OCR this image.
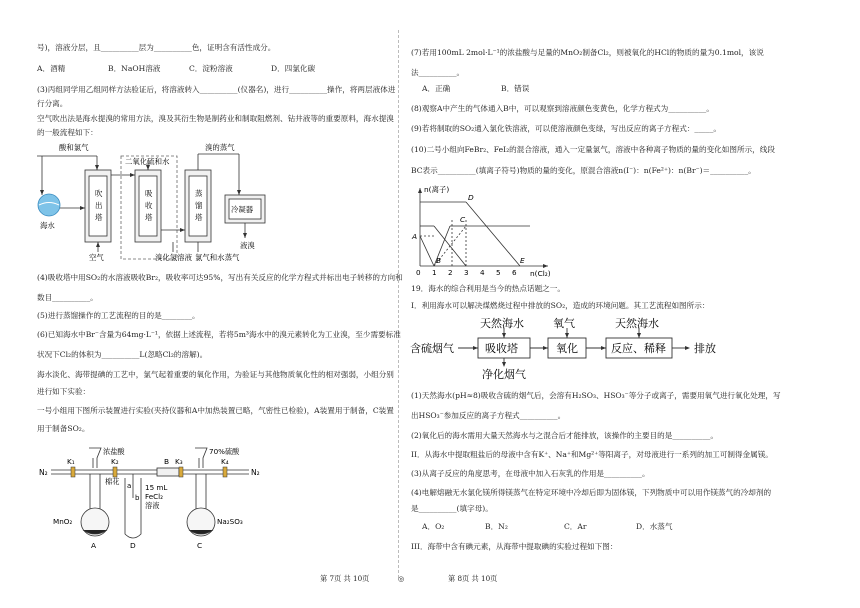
号)，溶液分层，且__________层为__________色，证明含有活性成分。
A．酒精	B．NaOH溶液	C．淀粉溶液	D．四氯化碳
(3)丙组同学用乙组同样方法验证后，将溶液转入__________(仪器名)，进行__________操作，将两层液体进
行分离。
空气吹出法是海水提溴的常用方法，溴及其衍生物是制药业和制取阻燃剂、钻井液等的重要原料，海水提溴
的一般流程如下：
酸和氯气
二氧化硫和水
溴的蒸气
海水
吹出塔
吸收塔
蒸馏塔
冷凝器
空气	溴化氢溶液 氯气和水蒸气
液溴
(4)吸收塔中用SO₂的水溶液吸收Br₂，吸收率可达95%，写出有关反应的化学方程式并标出电子转移的方向和
数目__________。
(5)进行蒸馏操作的工艺流程的目的是________。
(6)已知海水中Br⁻含量为64mg·L⁻¹，依据上述流程，若将5m³海水中的溴元素转化为工业溴，至少需要标准
状况下Cl₂的体积为__________L(忽略Cl₂的溶解)。
海水淡化、海带提碘的工艺中，氯气起着重要的氧化作用，为验证与其他物质氧化性的相对强弱，小组分别
进行如下实验：
一号小组用下图所示装置进行实验(夹持仪器和A中加热装置已略，气密性已检验)，A装置用于制备，C装置
用于制备SO₂。
N₂	N₂
K₁	K₂	K₃	K₄
浓盐酸	70%硫酸
棉花 a
b
15 mL FeCl₂ 溶液
MnO₂	Na₂SO₃
A
B
C
D
(7)若用100mL 2mol·L⁻¹的浓盐酸与足量的MnO₂制备Cl₂，则被氧化的HCl的物质的量为0.1mol，该说
法__________。
A．正确	B．错误
(8)观察A中产生的气体通入B中，可以观察到溶液颜色变黄色，化学方程式为__________。
(9)若将制取的SO₂通入氯化铁溶液，可以使溶液颜色变绿，写出反应的离子方程式：_____。
(10)二号小组向FeBr₂、FeI₂的混合溶液，通入一定量氯气，溶液中各种离子物质的量的变化如图所示，线段
BC表示__________(填离子符号)物质的量的变化，原混合溶液n(I⁻)：n(Fe²⁺)：n(Br⁻)＝__________。
n(离子)
n(Cl₂)
0 1 2 3 4 5 6
A
B
C
D
E
19．海水的综合利用是当今的热点话题之一。
I．利用海水可以解决煤燃烧过程中排放的SO₂，造成的环境问题。其工艺流程如图所示：
天然海水	氧气	天然海水
含硫烟气	吸收塔	氧化	反应、稀释	排放
净化烟气
(1)天然海水(pH≈8)吸收含硫的烟气后，会溶有H₂SO₃、HSO₃⁻等分子或离子，需要用氧气进行氧化处理，写
出HSO₃⁻参加反应的离子方程式__________。
(2)氧化后的海水需用大量天然海水与之混合后才能排放，该操作的主要目的是__________。
II．从海水中提取粗盐后的母液中含有K⁺、Na⁺和Mg²⁺等阳离子，对母液进行一系列的加工可制得金属镁。
(3)从离子反应的角度思考，在母液中加入石灰乳的作用是__________。
(4)电解熔融无水氯化镁所得镁蒸气在特定环境中冷却后即为固体镁，下列物质中可以用作镁蒸气的冷却剂的
是__________(填字母)。
A．O₂	B．N₂	C．Ar	D．水蒸气
III．海带中含有碘元素，从海带中提取碘的实验过程如下图：
第 7页 共 10页	◎	第 8页 共 10页
